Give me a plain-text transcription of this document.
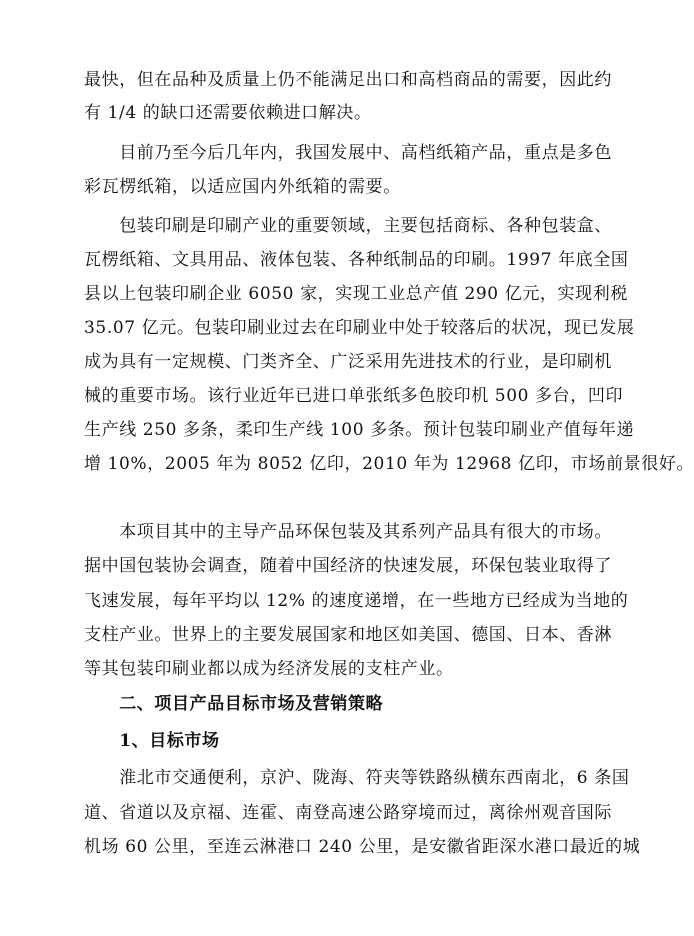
最快，但在品种及质量上仍不能满足出口和高档商品的需要，因此约
有 1/4 的缺口还需要依赖进口解决。
　　目前乃至今后几年内，我国发展中、高档纸箱产品，重点是多色
彩瓦楞纸箱，以适应国内外纸箱的需要。
　　包装印刷是印刷产业的重要领域，主要包括商标、各种包装盒、
瓦楞纸箱、文具用品、液体包装、各种纸制品的印刷。1997 年底全国
县以上包装印刷企业 6050 家，实现工业总产值 290 亿元，实现利税
35.07 亿元。包装印刷业过去在印刷业中处于较落后的状况，现已发展
成为具有一定规模、门类齐全、广泛采用先进技术的行业，是印刷机
械的重要市场。该行业近年已进口单张纸多色胶印机 500 多台，凹印
生产线 250 多条，柔印生产线 100 多条。预计包装印刷业产值每年递
增 10%，2005 年为 8052 亿印，2010 年为 12968 亿印，市场前景很好。
　　本项目其中的主导产品环保包装及其系列产品具有很大的市场。
据中国包装协会调查，随着中国经济的快速发展，环保包装业取得了
飞速发展，每年平均以 12% 的速度递增，在一些地方已经成为当地的
支柱产业。世界上的主要发展国家和地区如美国、德国、日本、香淋
等其包装印刷业都以成为经济发展的支柱产业。
　　二、项目产品目标市场及营销策略
　　1、目标市场
　　淮北市交通便利，京沪、陇海、符夹等铁路纵横东西南北，6 条国
道、省道以及京福、连霍、南登高速公路穿境而过，离徐州观音国际
机场 60 公里，至连云淋港口 240 公里，是安徽省距深水港口最近的城
